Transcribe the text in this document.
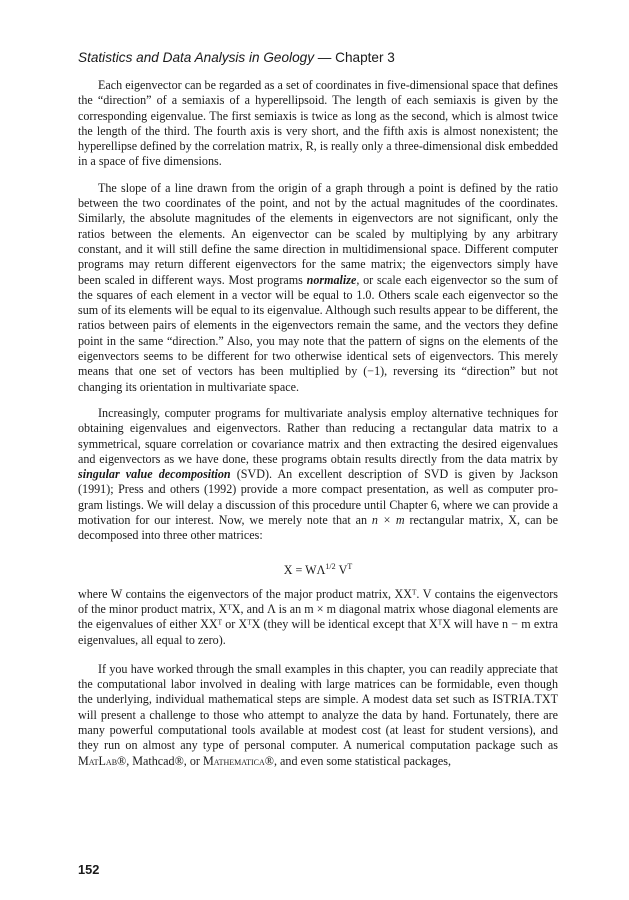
Statistics and Data Analysis in Geology — Chapter 3

Each eigenvector can be regarded as a set of coordinates in five-dimensional space that defines the “direction” of a semiaxis of a hyperellipsoid. The length of each semiaxis is given by the corresponding eigenvalue. The first semiaxis is twice as long as the second, which is almost twice the length of the third. The fourth axis is very short, and the fifth axis is almost nonexistent; the hyperellipse defined by the correlation matrix, R, is really only a three-dimensional disk embedded in a space of five dimensions.

The slope of a line drawn from the origin of a graph through a point is defined by the ratio between the two coordinates of the point, and not by the actual magnitudes of the coordinates. Similarly, the absolute magnitudes of the elements in eigenvectors are not significant, only the ratios between the elements. An eigenvector can be scaled by multiplying by any arbitrary constant, and it will still define the same direction in multidimensional space. Different computer programs may return different eigenvectors for the same matrix; the eigenvectors simply have been scaled in different ways. Most programs normalize, or scale each eigenvector so the sum of the squares of each element in a vector will be equal to 1.0. Others scale each eigenvector so the sum of its elements will be equal to its eigenvalue. Although such results appear to be different, the ratios between pairs of elements in the eigenvectors remain the same, and the vectors they define point in the same “direction.” Also, you may note that the pattern of signs on the elements of the eigenvectors seems to be different for two otherwise identical sets of eigenvectors. This merely means that one set of vectors has been multiplied by (−1), reversing its “direction” but not changing its orientation in multivariate space.

Increasingly, computer programs for multivariate analysis employ alternative techniques for obtaining eigenvalues and eigenvectors. Rather than reducing a rectangular data matrix to a symmetrical, square correlation or covariance matrix and then extracting the desired eigenvalues and eigenvectors as we have done, these programs obtain results directly from the data matrix by singular value decomposition (SVD). An excellent description of SVD is given by Jackson (1991); Press and others (1992) provide a more compact presentation, as well as computer program listings. We will delay a discussion of this procedure until Chapter 6, where we can provide a motivation for our interest. Now, we merely note that an n × m rectangular matrix, X, can be decomposed into three other matrices:

$X = W\Lambda^{1/2}$ $V^T$

where W contains the eigenvectors of the major product matrix, XXᵀ. V contains the eigenvectors of the minor product matrix, XᵀX, and Λ is an m × m diagonal matrix whose diagonal elements are the eigenvalues of either XXᵀ or XᵀX (they will be identical except that XᵀX will have n − m extra eigenvalues, all equal to zero).

If you have worked through the small examples in this chapter, you can readily appreciate that the computational labor involved in dealing with large matrices can be formidable, even though the underlying, individual mathematical steps are simple. A modest data set such as ISTRIA.TXT will present a challenge to those who attempt to analyze the data by hand. Fortunately, there are many powerful computational tools available at modest cost (at least for student versions), and they run on almost any type of personal computer. A numerical computation package such as MatLab®, Mathcad®, or Mathematica®, and even some statistical packages,

152
